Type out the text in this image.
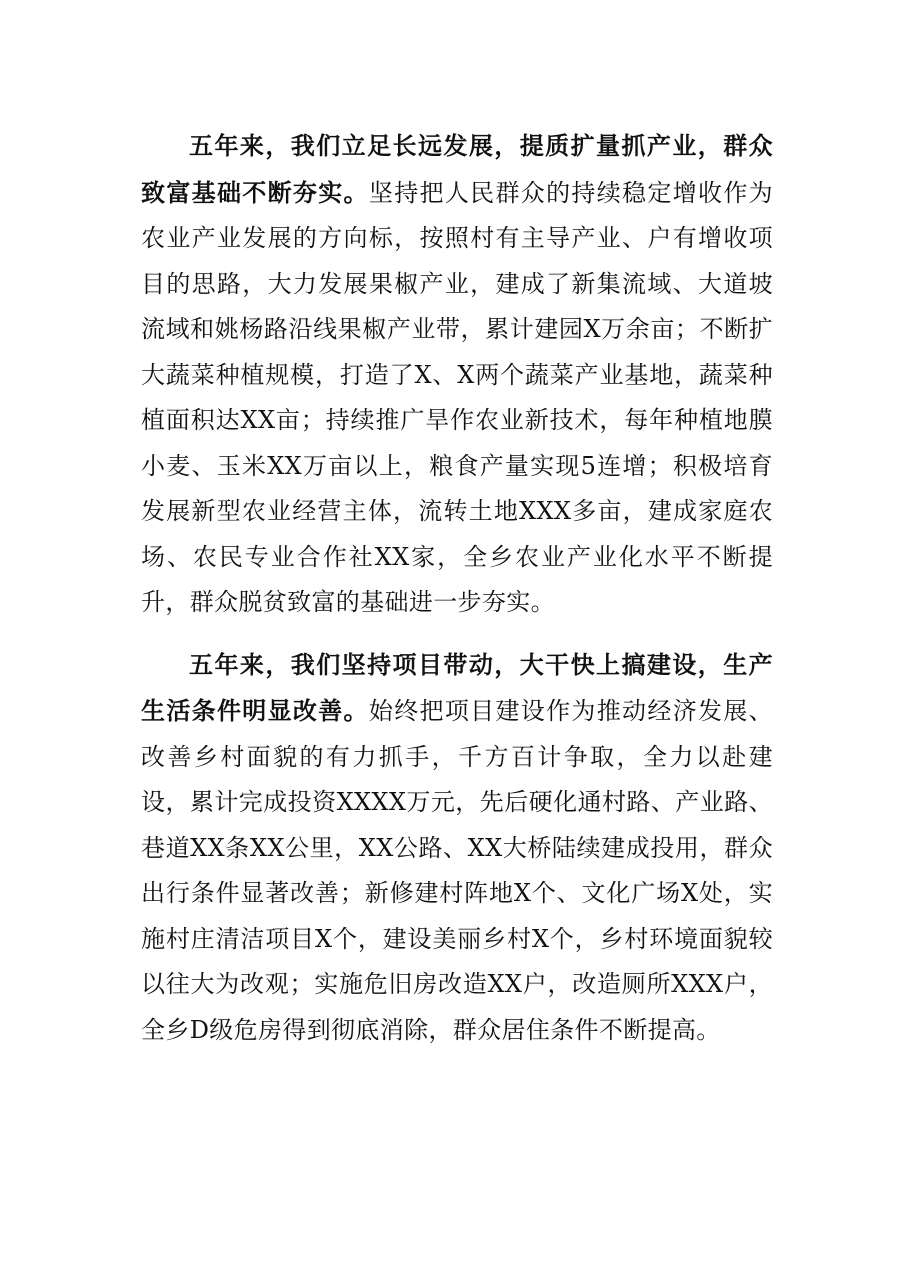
五年来，我们立足长远发展，提质扩量抓产业，群众致富基础不断夯实。坚持把人民群众的持续稳定增收作为农业产业发展的方向标，按照村有主导产业、户有增收项目的思路，大力发展果椒产业，建成了新集流域、大道坡流域和姚杨路沿线果椒产业带，累计建园X万余亩；不断扩大蔬菜种植规模，打造了X、X两个蔬菜产业基地，蔬菜种植面积达XX亩；持续推广旱作农业新技术，每年种植地膜小麦、玉米XX万亩以上，粮食产量实现5连增；积极培育发展新型农业经营主体，流转土地XXX多亩，建成家庭农场、农民专业合作社XX家，全乡农业产业化水平不断提升，群众脱贫致富的基础进一步夯实。

五年来，我们坚持项目带动，大干快上搞建设，生产生活条件明显改善。始终把项目建设作为推动经济发展、改善乡村面貌的有力抓手，千方百计争取，全力以赴建设，累计完成投资XXXX万元，先后硬化通村路、产业路、巷道XX条XX公里，XX公路、XX大桥陆续建成投用，群众出行条件显著改善；新修建村阵地X个、文化广场X处，实施村庄清洁项目X个，建设美丽乡村X个，乡村环境面貌较以往大为改观；实施危旧房改造XX户，改造厕所XXX户，全乡D级危房得到彻底消除，群众居住条件不断提高。
